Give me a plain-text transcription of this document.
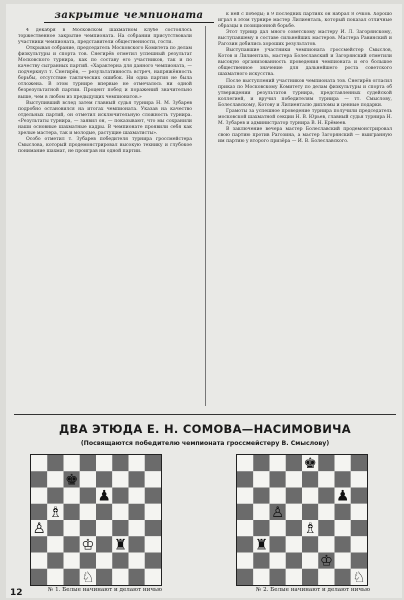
закрытие чемпионата

4 декабря в Московском шахматном клубе состоялось торжественное закрытие чемпионата. На собрании присутствовали участники чемпионата, представители общественности, гости.

Открывая собрание, председатель Московского Комитета по делам физкультуры и спорта тов. Снегирёв отметил успешный результат Московского турнира, как по составу его участников, так и по качеству сыгранных партий. «Характерна для данного чемпионата, — подчеркнул т. Снегирёв, — результативность встреч, напряжённость борьбы, отсутствие тактических ошибок. Ни одна партия не была отложена. В этом турнире впервые не отмечалось ни одной безрезультатной партии. Процент побед и поражений значительно выше, чем в любом из предыдущих чемпионатов.»

Выступивший вслед затем главный судья турнира Н. М. Зубарев подробно остановился на итогах чемпионата. Указав на качество отдельных партий, он отметил исключительную сложность турнира. «Результаты турнира, — заявил он, — показывают, что мы сохранили наши основные шахматные кадры. В чемпионате проявили себя как зрелые мастера, так и молодые, растущие шахматисты».

Особо отметил т. Зубарев победителя турнира гроссмейстера Смыслова, который продемонстрировал высокую технику и глубокое понимание шахмат, не проиграв ни одной партии.

к ней с победы; в 9 последних партиях он набрал 8 очков. Хорошо играл в этом турнире мастер Лилиенталь, который показал отличные образцы в позиционной борьбе.

Этот турнир дал много советскому мастеру И. Л. Загорянскому, выступавшему в составе сильнейших мастеров. Мастера Равинский и Рагозин добились хороших результатов.

Выступавшие участники чемпионата гроссмейстер Смыслов, Котов и Лилиенталь, мастера Болеславский и Загорянский отметили высокую организованность проведения чемпионата и его большое общественное значение для дальнейшего роста советского шахматного искусства.

После выступлений участников чемпионата тов. Снегирёв огласил приказ по Московскому Комитету по делам физкультуры и спорта об утверждении результатов турнира, представленных судейской коллегией, и вручил победителям турнира — тт. Смыслову, Болеславскому, Котову и Лилиенталю дипломы и ценные подарки.

Грамоты за успешное проведение турнира получили председатель московской шахматной секции Н. В. Юрьев, главный судья турнира Н. М. Зубарев и администратор турнира В. Н. Ерёмеев.

В заключение вечера мастер Болеславский продемонстрировал свою партию против Рагозина, а мастер Загорянский — выигранную им партию у второго призёра — И. В. Болеславского.

ДВА ЭТЮДА Е. Н. СОМОВА—НАСИМОВИЧА
(Посвящаются победителю чемпионата гроссмейстеру В. Смыслову)
♚
♟
♗
♙
♔ ♜
♘
♚
♟
♙
♗
♜
♔
♘
№ 1. Белые начинают и делают ничью	№ 2. Белые начинают и делают ничью
12
